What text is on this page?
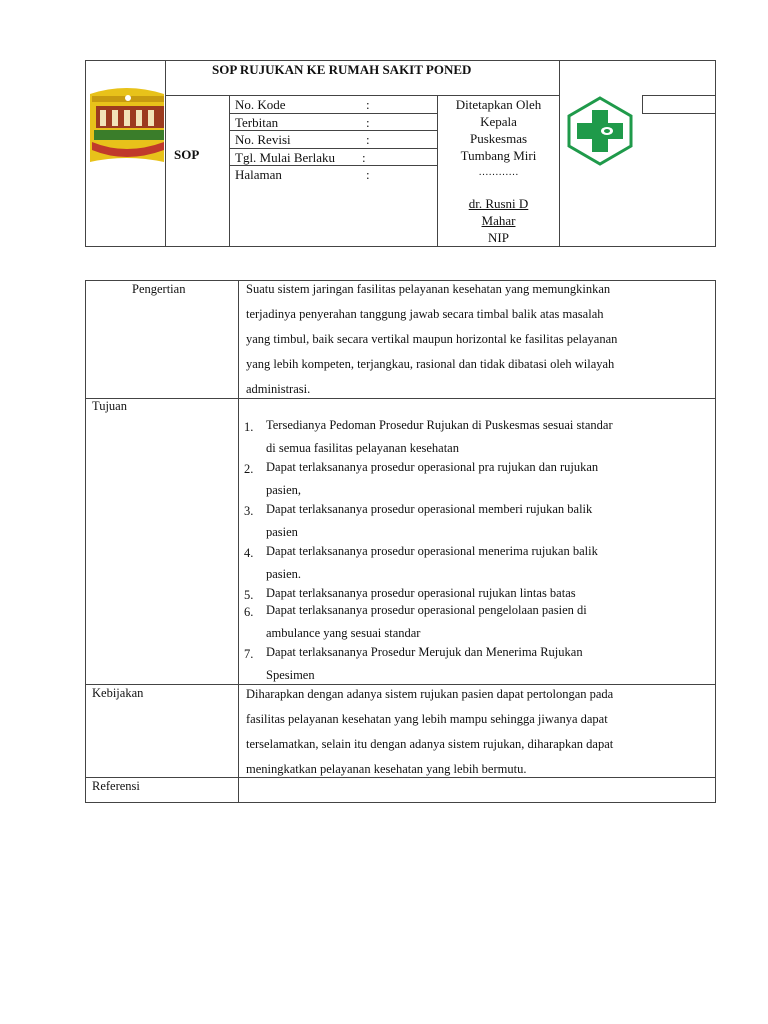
SOP RUJUKAN KE RUMAH SAKIT PONED
SOP
No. Kode	:
Terbitan	:
No. Revisi	:
Tgl. Mulai Berlaku :
Halaman	:
Ditetapkan Oleh
Kepala
Puskesmas
Tumbang Miri
…………
dr. Rusni D
Mahar
NIP
Pengertian	Suatu sistem jaringan fasilitas pelayanan kesehatan yang memungkinkan
terjadinya penyerahan tanggung jawab secara timbal balik atas masalah
yang timbul, baik secara vertikal maupun horizontal ke fasilitas pelayanan
yang lebih kompeten, terjangkau, rasional dan tidak dibatasi oleh wilayah
administrasi.
Tujuan
1. Tersedianya Pedoman Prosedur Rujukan di Puskesmas sesuai standar
di semua fasilitas pelayanan kesehatan
2. Dapat terlaksananya prosedur operasional pra rujukan dan rujukan
pasien,
3. Dapat terlaksananya prosedur operasional memberi rujukan balik
pasien
4. Dapat terlaksananya prosedur operasional menerima rujukan balik
pasien.
5. Dapat terlaksananya prosedur operasional rujukan lintas batas
6. Dapat terlaksananya prosedur operasional pengelolaan pasien di
ambulance yang sesuai standar
7. Dapat terlaksananya Prosedur Merujuk dan Menerima Rujukan
Spesimen
Kebijakan	Diharapkan dengan adanya sistem rujukan pasien dapat pertolongan pada
fasilitas pelayanan kesehatan yang lebih mampu sehingga jiwanya dapat
terselamatkan, selain itu dengan adanya sistem rujukan, diharapkan dapat
meningkatkan pelayanan kesehatan yang lebih bermutu.
Referensi
